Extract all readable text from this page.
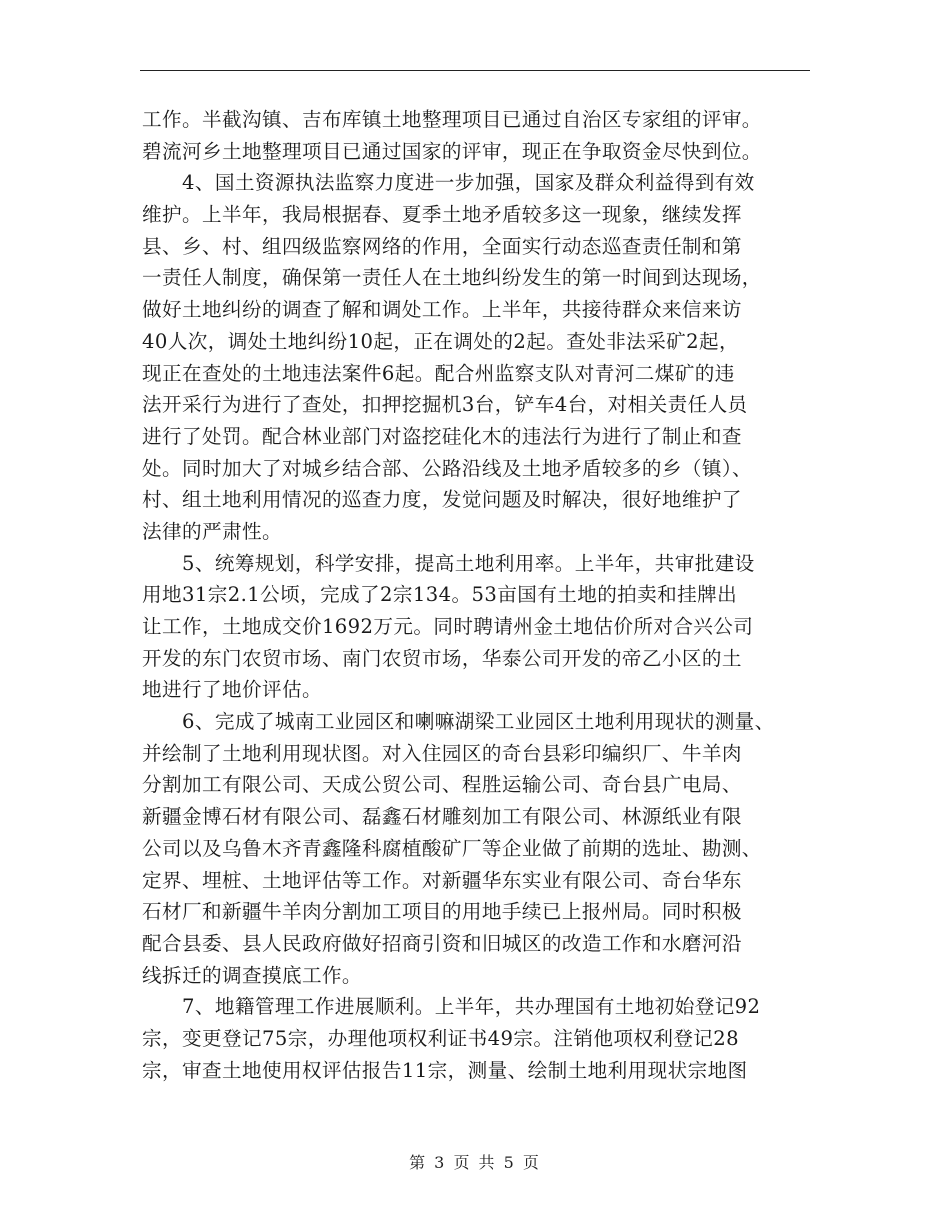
工作。半截沟镇、吉布库镇土地整理项目已通过自治区专家组的评审。
碧流河乡土地整理项目已通过国家的评审，现正在争取资金尽快到位。
　　4、国土资源执法监察力度进一步加强，国家及群众利益得到有效
维护。上半年，我局根据春、夏季土地矛盾较多这一现象，继续发挥
县、乡、村、组四级监察网络的作用，全面实行动态巡查责任制和第
一责任人制度，确保第一责任人在土地纠纷发生的第一时间到达现场，
做好土地纠纷的调查了解和调处工作。上半年，共接待群众来信来访
40人次，调处土地纠纷10起，正在调处的2起。查处非法采矿2起，
现正在查处的土地违法案件6起。配合州监察支队对青河二煤矿的违
法开采行为进行了查处，扣押挖掘机3台，铲车4台，对相关责任人员
进行了处罚。配合林业部门对盗挖硅化木的违法行为进行了制止和查
处。同时加大了对城乡结合部、公路沿线及土地矛盾较多的乡（镇）、
村、组土地利用情况的巡查力度，发觉问题及时解决，很好地维护了
法律的严肃性。
　　5、统筹规划，科学安排，提高土地利用率。上半年，共审批建设
用地31宗2.1公顷，完成了2宗134。53亩国有土地的拍卖和挂牌出
让工作，土地成交价1692万元。同时聘请州金土地估价所对合兴公司
开发的东门农贸市场、南门农贸市场，华泰公司开发的帝乙小区的土
地进行了地价评估。
　　6、完成了城南工业园区和喇嘛湖梁工业园区土地利用现状的测量、
并绘制了土地利用现状图。对入住园区的奇台县彩印编织厂、牛羊肉
分割加工有限公司、天成公贸公司、程胜运输公司、奇台县广电局、
新疆金博石材有限公司、磊鑫石材雕刻加工有限公司、林源纸业有限
公司以及乌鲁木齐青鑫隆科腐植酸矿厂等企业做了前期的选址、勘测、
定界、埋桩、土地评估等工作。对新疆华东实业有限公司、奇台华东
石材厂和新疆牛羊肉分割加工项目的用地手续已上报州局。同时积极
配合县委、县人民政府做好招商引资和旧城区的改造工作和水磨河沿
线拆迁的调查摸底工作。
　　7、地籍管理工作进展顺利。上半年，共办理国有土地初始登记92
宗，变更登记75宗，办理他项权利证书49宗。注销他项权利登记28
宗，审查土地使用权评估报告11宗，测量、绘制土地利用现状宗地图
第 3 页 共 5 页
